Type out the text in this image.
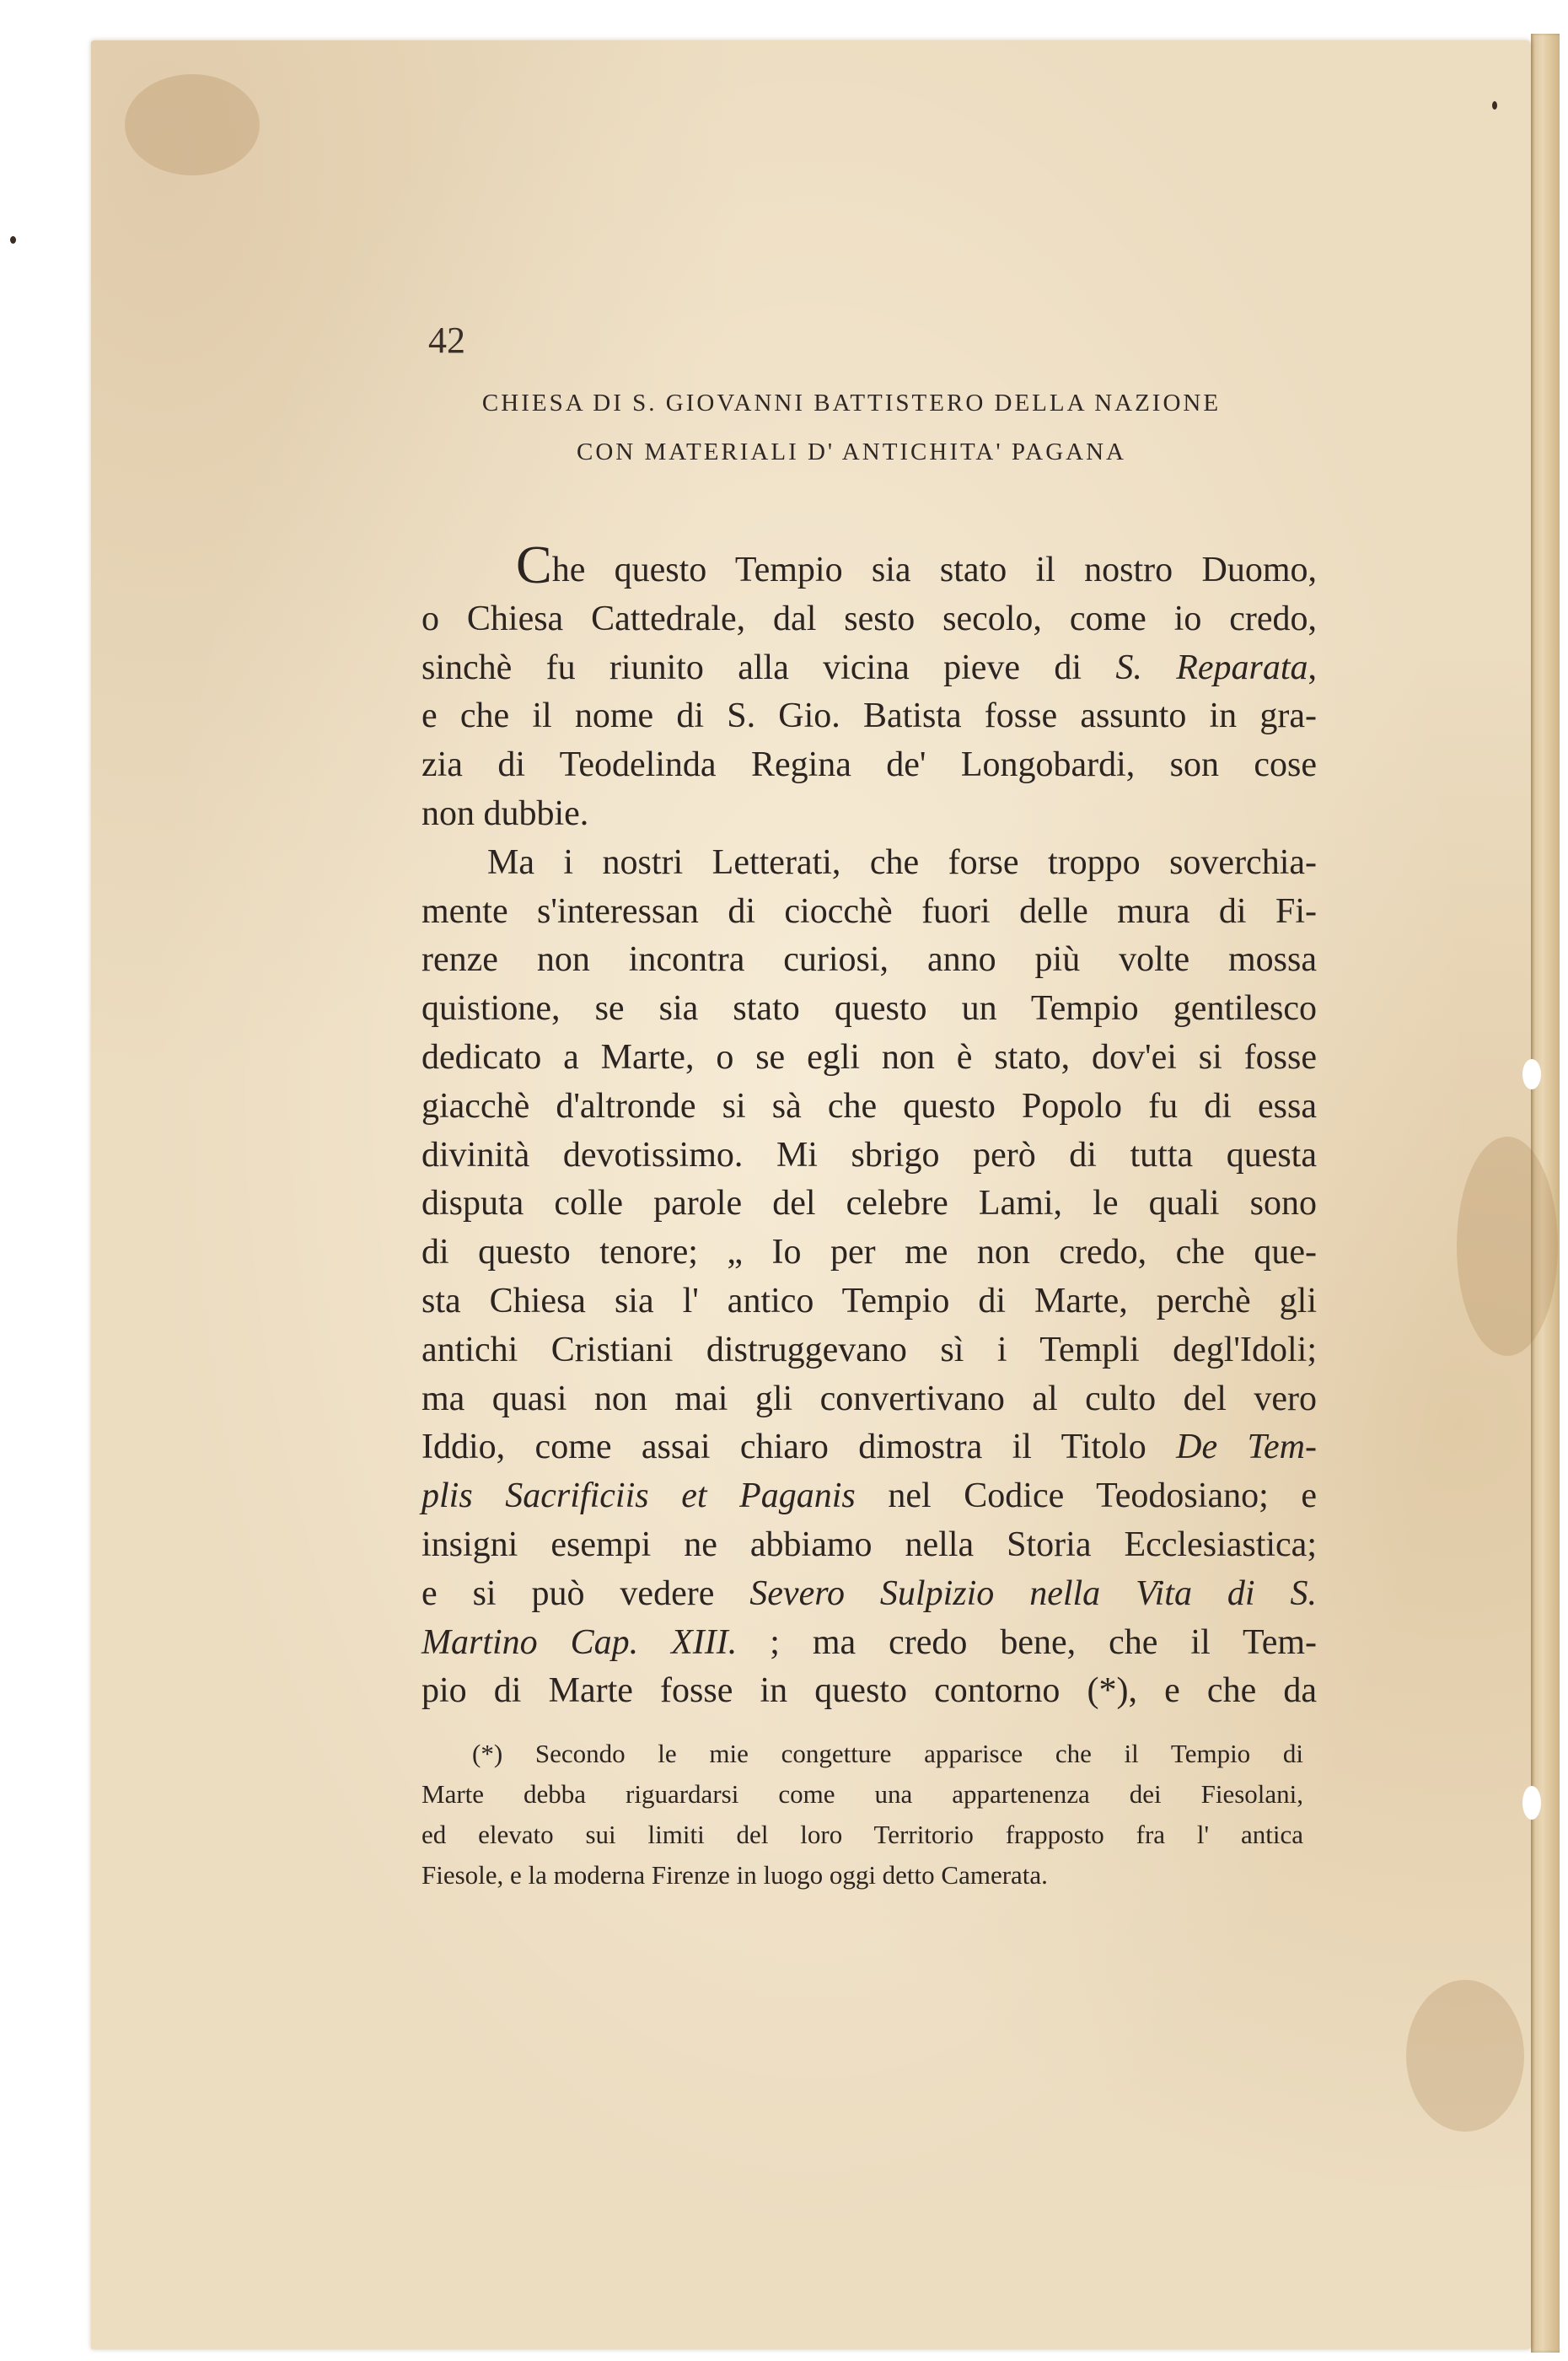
42
CHIESA DI S. GIOVANNI BATTISTERO DELLA NAZIONE
CON MATERIALI D' ANTICHITA' PAGANA

Che questo Tempio sia stato il nostro Duomo,
o Chiesa Cattedrale, dal sesto secolo, come io credo,
sinchè fu riunito alla vicina pieve di S. Reparata,
e che il nome di S. Gio. Batista fosse assunto in gra-
zia di Teodelinda Regina de' Longobardi, son cose
non dubbie.

Ma i nostri Letterati, che forse troppo soverchia-
mente s'interessan di ciocchè fuori delle mura di Fi-
renze non incontra curiosi, anno più volte mossa
quistione, se sia stato questo un Tempio gentilesco
dedicato a Marte, o se egli non è stato, dov'ei si fosse
giacchè d'altronde si sà che questo Popolo fu di essa
divinità devotissimo. Mi sbrigo però di tutta questa
disputa colle parole del celebre Lami, le quali sono
di questo tenore; „ Io per me non credo, che que-
sta Chiesa sia l' antico Tempio di Marte, perchè gli
antichi Cristiani distruggevano sì i Templi degl'Idoli;
ma quasi non mai gli convertivano al culto del vero
Iddio, come assai chiaro dimostra il Titolo De Tem-
plis Sacrificiis et Paganis nel Codice Teodosiano; e
insigni esempi ne abbiamo nella Storia Ecclesiastica;
e si può vedere Severo Sulpizio nella Vita di S.
Martino Cap. XIII. ; ma credo bene, che il Tem-
pio di Marte fosse in questo contorno (*), e che da

(*) Secondo le mie congetture apparisce che il Tempio di
Marte debba riguardarsi come una appartenenza dei Fiesolani,
ed elevato sui limiti del loro Territorio frapposto fra l' antica
Fiesole, e la moderna Firenze in luogo oggi detto Camerata.
